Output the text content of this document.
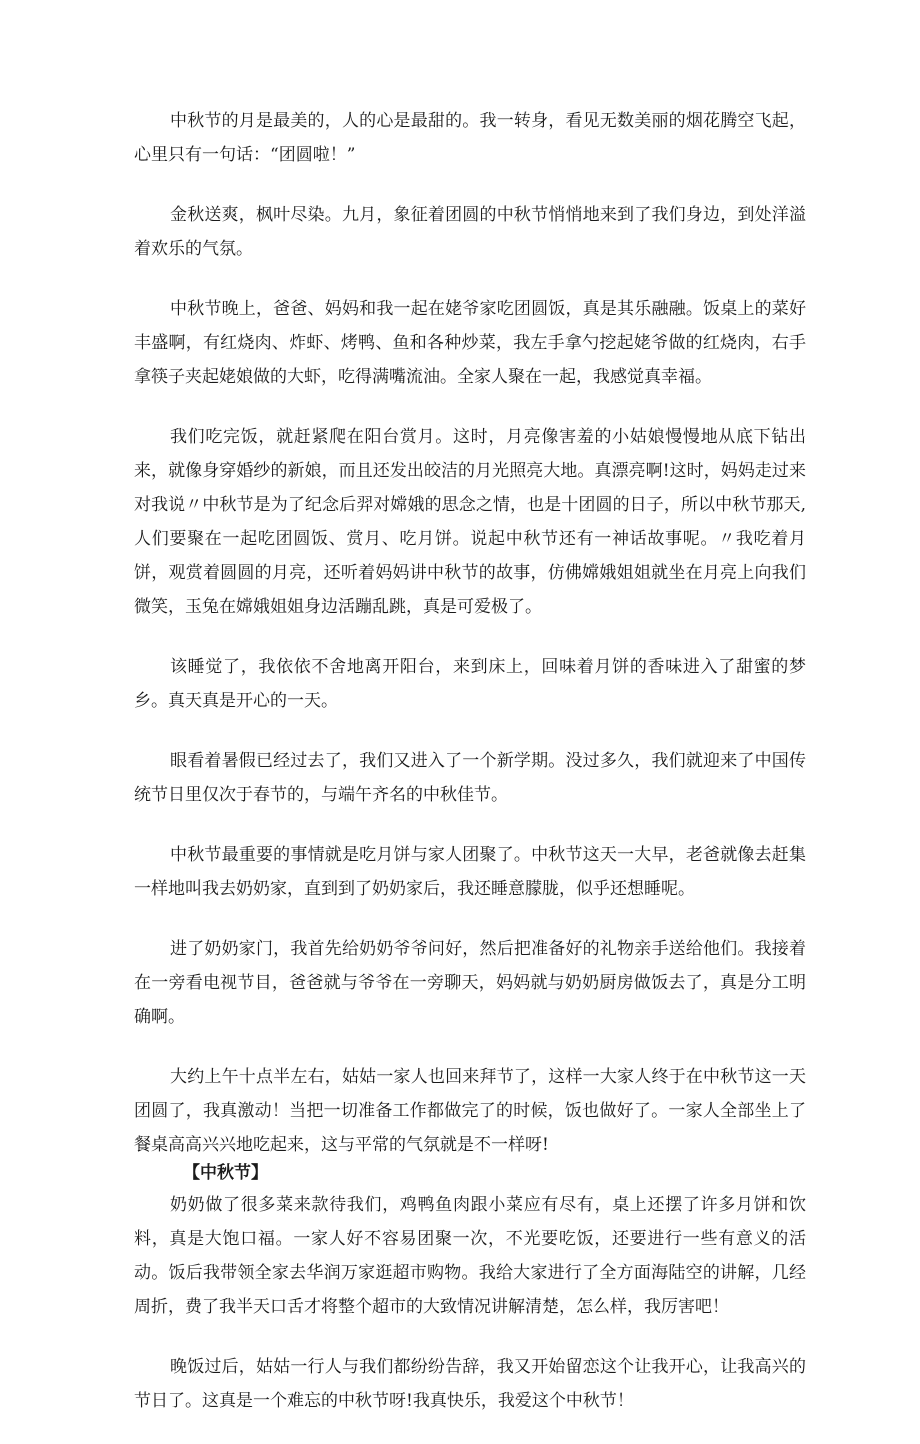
中秋节的月是最美的，人的心是最甜的。我一转身，看见无数美丽的烟花腾空飞起，心里只有一句话：“团圆啦！”

金秋送爽，枫叶尽染。九月，象征着团圆的中秋节悄悄地来到了我们身边，到处洋溢着欢乐的气氛。

中秋节晚上，爸爸、妈妈和我一起在姥爷家吃团圆饭，真是其乐融融。饭桌上的菜好丰盛啊，有红烧肉、炸虾、烤鸭、鱼和各种炒菜，我左手拿勺挖起姥爷做的红烧肉，右手拿筷子夹起姥娘做的大虾，吃得满嘴流油。全家人聚在一起，我感觉真幸福。

我们吃完饭，就赶紧爬在阳台赏月。这时，月亮像害羞的小姑娘慢慢地从底下钻出来，就像身穿婚纱的新娘，而且还发出皎洁的月光照亮大地。真漂亮啊!这时，妈妈走过来对我说〃中秋节是为了纪念后羿对嫦娥的思念之情，也是十团圆的日子，所以中秋节那天,人们要聚在一起吃团圆饭、赏月、吃月饼。说起中秋节还有一神话故事呢。〃我吃着月饼，观赏着圆圆的月亮，还听着妈妈讲中秋节的故事，仿佛嫦娥姐姐就坐在月亮上向我们微笑，玉兔在嫦娥姐姐身边活蹦乱跳，真是可爱极了。

该睡觉了，我依依不舍地离开阳台，来到床上，回味着月饼的香味进入了甜蜜的梦乡。真天真是开心的一天。

眼看着暑假已经过去了，我们又进入了一个新学期。没过多久，我们就迎来了中国传统节日里仅次于春节的，与端午齐名的中秋佳节。

中秋节最重要的事情就是吃月饼与家人团聚了。中秋节这天一大早，老爸就像去赶集一样地叫我去奶奶家，直到到了奶奶家后，我还睡意朦胧，似乎还想睡呢。

进了奶奶家门，我首先给奶奶爷爷问好，然后把准备好的礼物亲手送给他们。我接着在一旁看电视节目，爸爸就与爷爷在一旁聊天，妈妈就与奶奶厨房做饭去了，真是分工明确啊。

大约上午十点半左右，姑姑一家人也回来拜节了，这样一大家人终于在中秋节这一天团圆了，我真激动！当把一切准备工作都做完了的时候，饭也做好了。一家人全部坐上了餐桌高高兴兴地吃起来，这与平常的气氛就是不一样呀!

奶奶做了很多菜来款待我们，鸡鸭鱼肉跟小菜应有尽有，桌上还摆了许多月饼和饮料，真是大饱口福。一家人好不容易团聚一次，不光要吃饭，还要进行一些有意义的活动。饭后我带领全家去华润万家逛超市购物。我给大家进行了全方面海陆空的讲解，几经周折，费了我半天口舌才将整个超市的大致情况讲解清楚，怎么样，我厉害吧！

晚饭过后，姑姑一行人与我们都纷纷告辞，我又开始留恋这个让我开心，让我高兴的节日了。这真是一个难忘的中秋节呀!我真快乐，我爱这个中秋节！

【中秋节】
